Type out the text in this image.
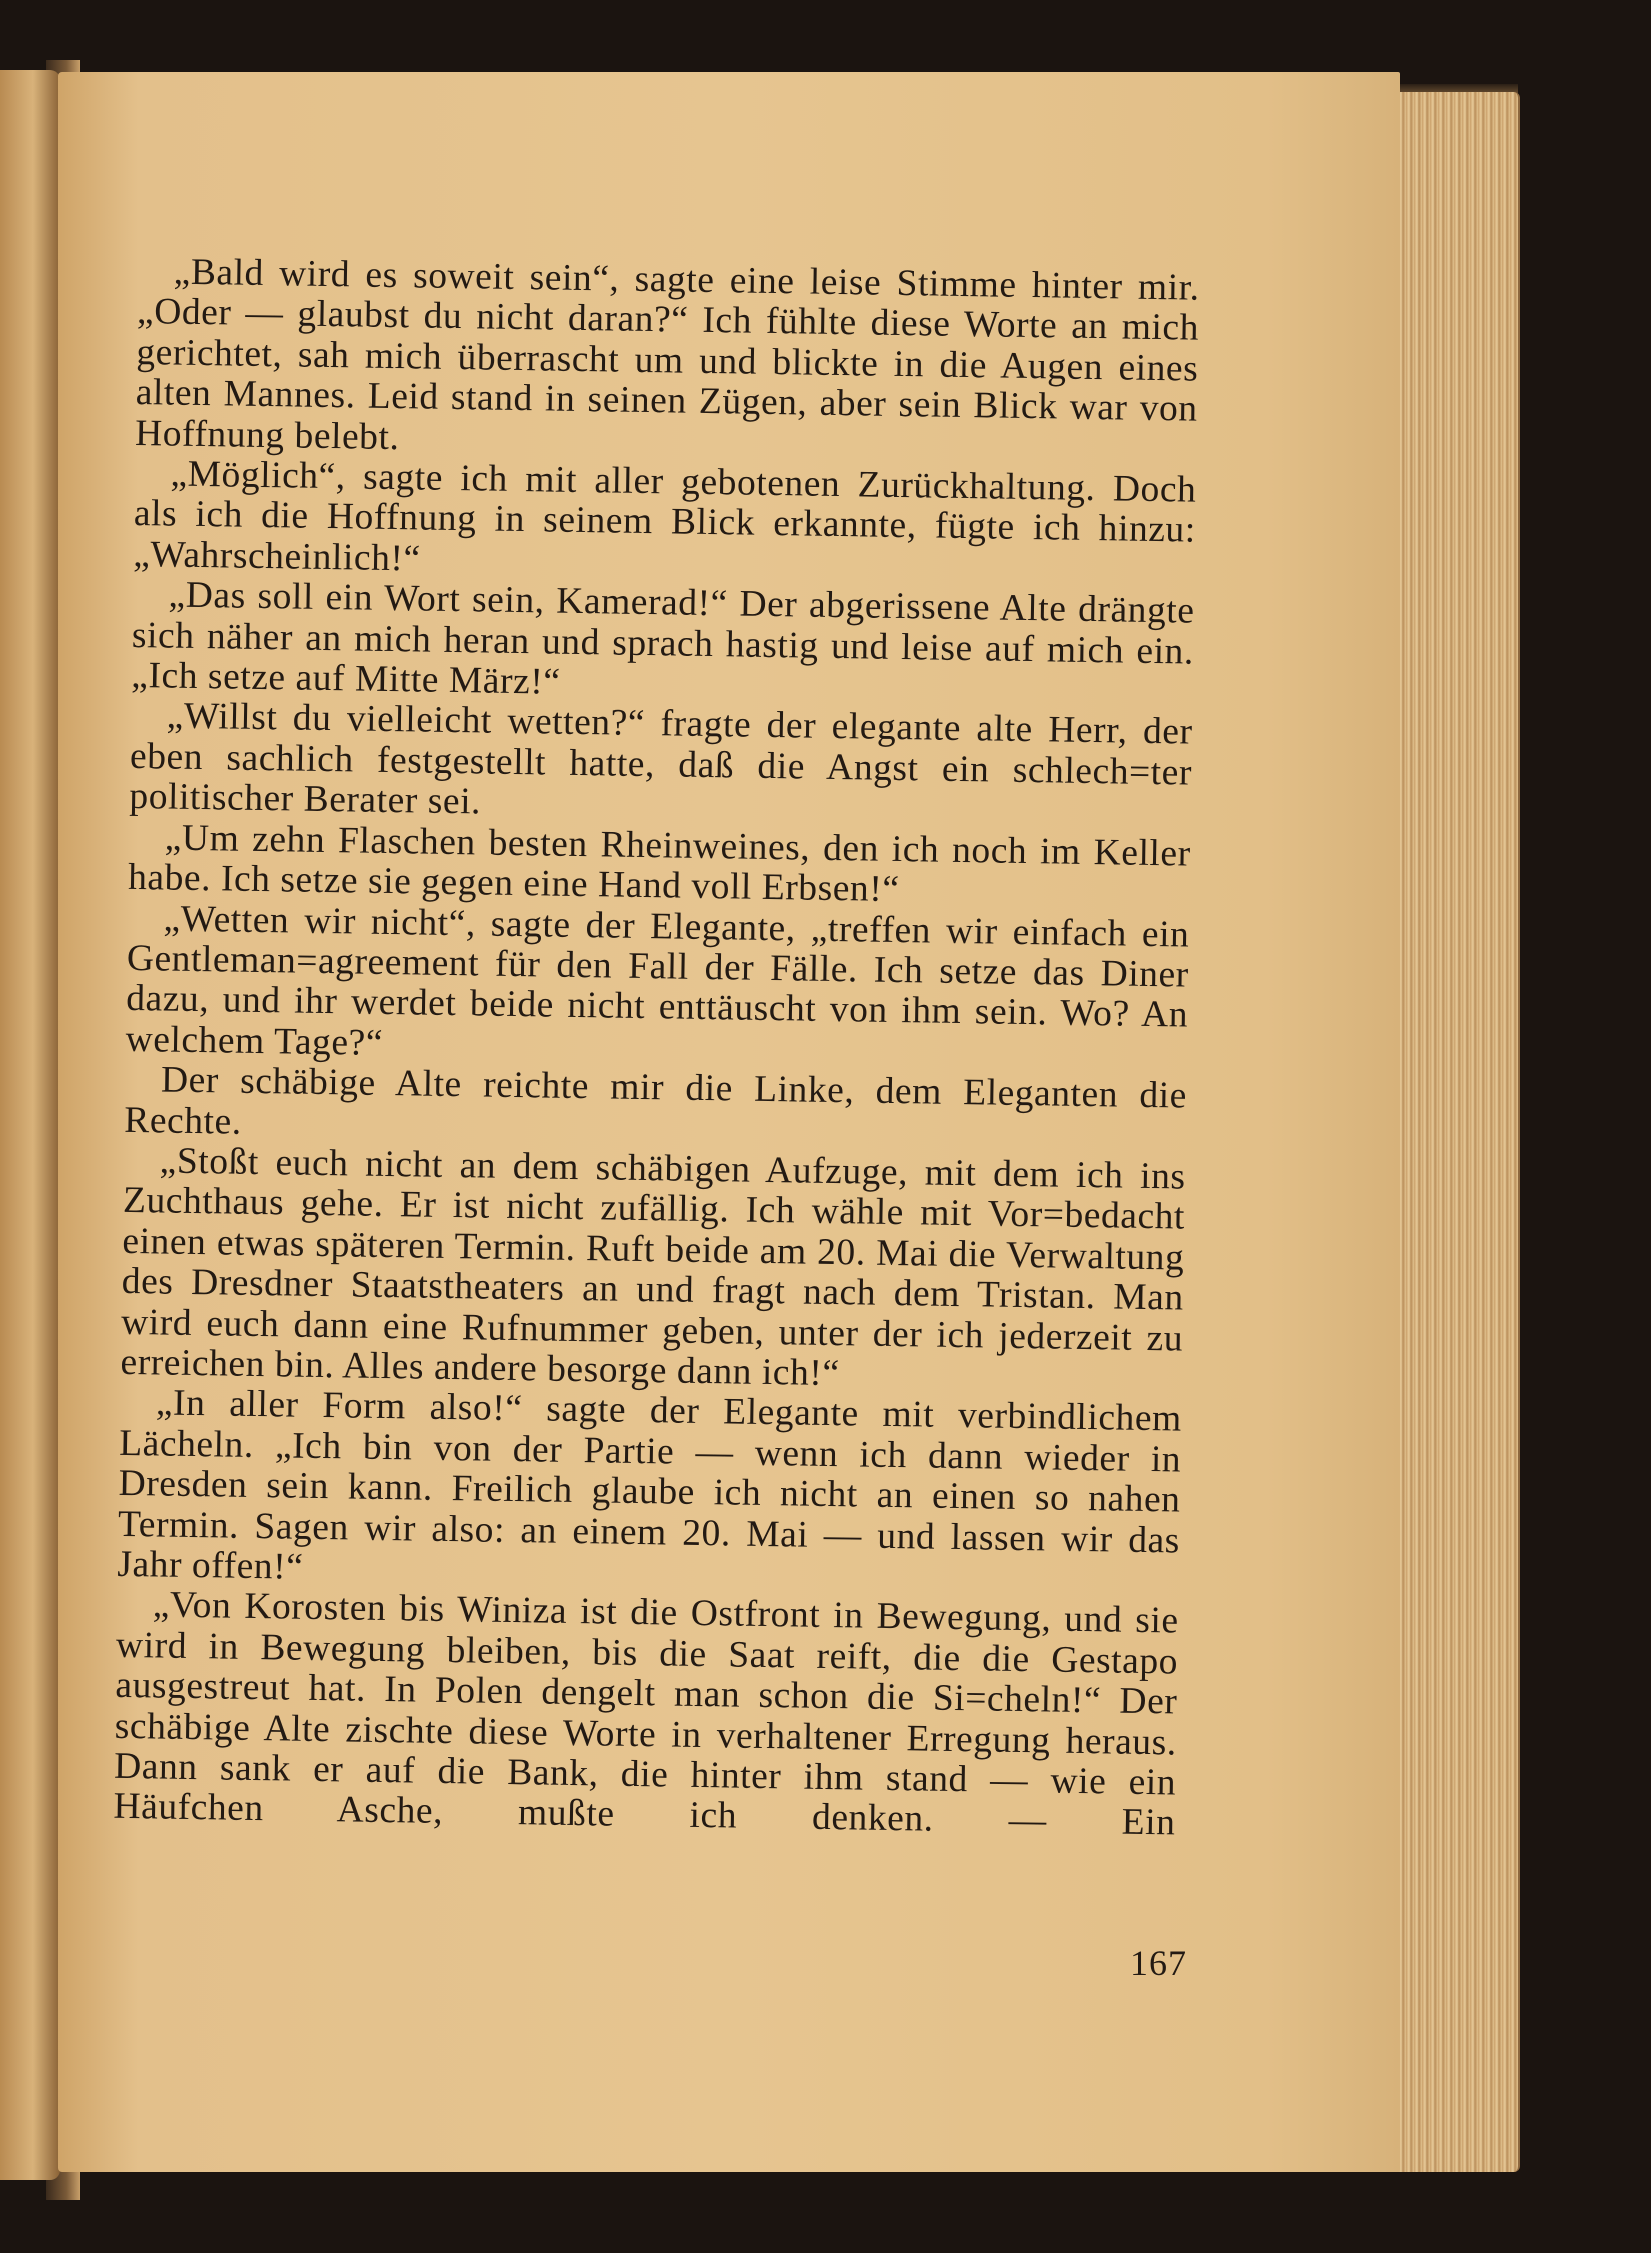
„Bald wird es soweit sein“, sagte eine leise Stimme hinter mir. „Oder — glaubst du nicht daran?“ Ich fühlte diese Worte an mich gerichtet, sah mich überrascht um und blickte in die Augen eines alten Mannes. Leid stand in seinen Zügen, aber sein Blick war von Hoffnung belebt.

„Möglich“, sagte ich mit aller gebotenen Zurückhaltung. Doch als ich die Hoffnung in seinem Blick erkannte, fügte ich hinzu: „Wahrscheinlich!“

„Das soll ein Wort sein, Kamerad!“ Der abgerissene Alte drängte sich näher an mich heran und sprach hastig und leise auf mich ein. „Ich setze auf Mitte März!“

„Willst du vielleicht wetten?“ fragte der elegante alte Herr, der eben sachlich festgestellt hatte, daß die Angst ein schlech=ter politischer Berater sei.

„Um zehn Flaschen besten Rheinweines, den ich noch im Keller habe. Ich setze sie gegen eine Hand voll Erbsen!“

„Wetten wir nicht“, sagte der Elegante, „treffen wir einfach ein Gentleman=agreement für den Fall der Fälle. Ich setze das Diner dazu, und ihr werdet beide nicht enttäuscht von ihm sein. Wo? An welchem Tage?“

Der schäbige Alte reichte mir die Linke, dem Eleganten die Rechte.

„Stoßt euch nicht an dem schäbigen Aufzuge, mit dem ich ins Zuchthaus gehe. Er ist nicht zufällig. Ich wähle mit Vor=bedacht einen etwas späteren Termin. Ruft beide am 20. Mai die Verwaltung des Dresdner Staatstheaters an und fragt nach dem Tristan. Man wird euch dann eine Rufnummer geben, unter der ich jederzeit zu erreichen bin. Alles andere besorge dann ich!“

„In aller Form also!“ sagte der Elegante mit verbindlichem Lächeln. „Ich bin von der Partie — wenn ich dann wieder in Dresden sein kann. Freilich glaube ich nicht an einen so nahen Termin. Sagen wir also: an einem 20. Mai — und lassen wir das Jahr offen!“

„Von Korosten bis Winiza ist die Ostfront in Bewegung, und sie wird in Bewegung bleiben, bis die Saat reift, die die Gestapo ausgestreut hat. In Polen dengelt man schon die Si=cheln!“ Der schäbige Alte zischte diese Worte in verhaltener Erregung heraus. Dann sank er auf die Bank, die hinter ihm stand — wie ein Häufchen Asche, mußte ich denken. — Ein

167
